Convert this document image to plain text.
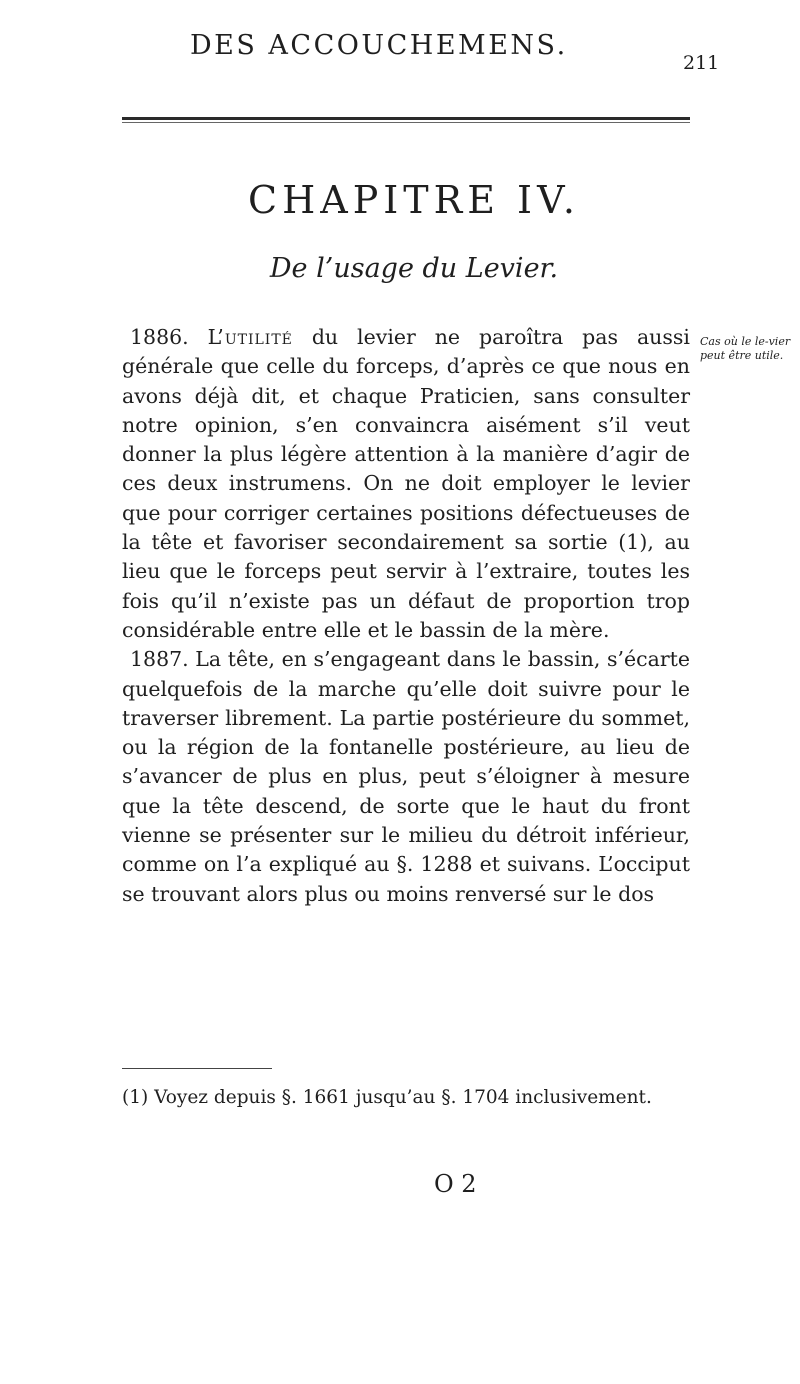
DES ACCOUCHEMENS.
211
CHAPITRE IV.
De l’usage du Levier.
Cas où le le-vier peut être utile.

1886. L’utilité du levier ne paroîtra pas aussi générale que celle du forceps, d’après ce que nous en avons déjà dit, et chaque Praticien, sans consulter notre opinion, s’en convaincra aisément s’il veut donner la plus légère attention à la manière d’agir de ces deux instrumens. On ne doit employer le levier que pour corriger certaines positions défectueuses de la tête et favoriser secondairement sa sortie (1), au lieu que le forceps peut servir à l’extraire, toutes les fois qu’il n’existe pas un défaut de proportion trop considérable entre elle et le bassin de la mère.

1887. La tête, en s’engageant dans le bassin, s’écarte quelquefois de la marche qu’elle doit suivre pour le traverser librement. La partie postérieure du sommet, ou la région de la fontanelle postérieure, au lieu de s’avancer de plus en plus, peut s’éloigner à mesure que la tête descend, de sorte que le haut du front vienne se présenter sur le milieu du détroit inférieur, comme on l’a expliqué au §. 1288 et suivans. L’occiput se trouvant alors plus ou moins renversé sur le dos

(1) Voyez depuis §. 1661 jusqu’au §. 1704 inclusivement.
O 2
